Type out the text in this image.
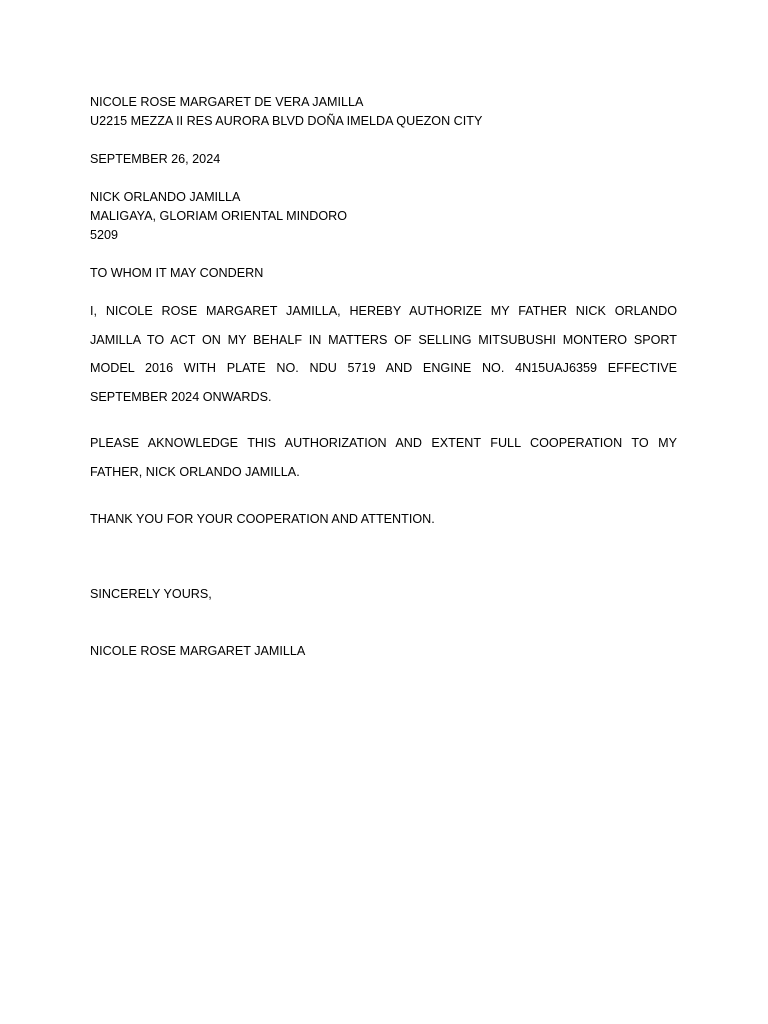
NICOLE ROSE MARGARET DE VERA JAMILLA
U2215 MEZZA II RES AURORA BLVD DOÑA IMELDA QUEZON CITY
SEPTEMBER 26, 2024
NICK ORLANDO JAMILLA
MALIGAYA, GLORIAM ORIENTAL MINDORO
5209
TO WHOM IT MAY CONDERN

I, NICOLE ROSE MARGARET JAMILLA, HEREBY AUTHORIZE MY FATHER NICK ORLANDO JAMILLA TO ACT ON MY BEHALF IN MATTERS OF SELLING MITSUBUSHI MONTERO SPORT MODEL 2016 WITH PLATE NO. NDU 5719 AND ENGINE NO. 4N15UAJ6359 EFFECTIVE SEPTEMBER 2024 ONWARDS.

PLEASE AKNOWLEDGE THIS AUTHORIZATION AND EXTENT FULL COOPERATION TO MY FATHER, NICK ORLANDO JAMILLA.

THANK YOU FOR YOUR COOPERATION AND ATTENTION.

SINCERELY YOURS,
NICOLE ROSE MARGARET JAMILLA
